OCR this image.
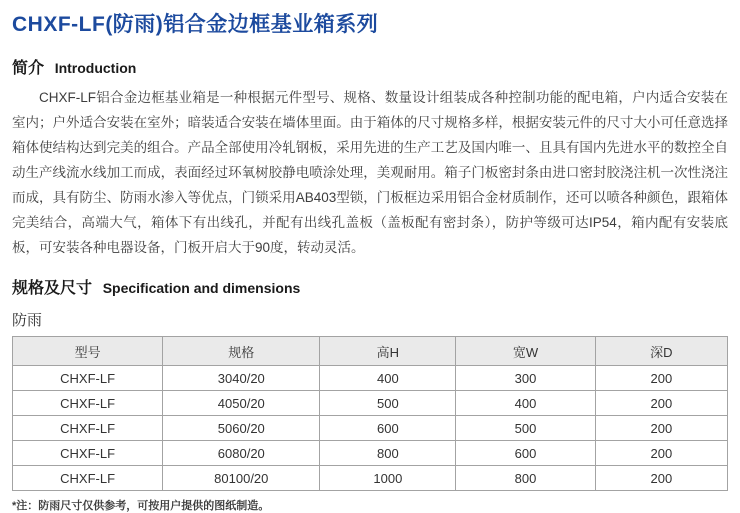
CHXF-LF(防雨)铝合金边框基业箱系列
简介 Introduction

CHXF-LF铝合金边框基业箱是一种根据元件型号、规格、数量设计组装成各种控制功能的配电箱，户内适合安装在室内；户外适合安装在室外；暗装适合安装在墙体里面。由于箱体的尺寸规格多样，根据安装元件的尺寸大小可任意选择箱体使结构达到完美的组合。产品全部使用冷轧钢板，采用先进的生产工艺及国内唯一、且具有国内先进水平的数控全自动生产线流水线加工而成，表面经过环氧树胶静电喷涂处理，美观耐用。箱子门板密封条由进口密封胶浇注机一次性浇注而成，具有防尘、防雨水渗入等优点，门锁采用AB403型锁，门板框边采用铝合金材质制作，还可以喷各种颜色，跟箱体完美结合，高端大气，箱体下有出线孔，并配有出线孔盖板（盖板配有密封条），防护等级可达IP54，箱内配有安装底板，可安装各种电器设备，门板开启大于90度，转动灵活。

规格及尺寸 Specification and dimensions
防雨
型号	规格	高H	宽W	深D
CHXF-LF	3040/20	400	300	200
CHXF-LF	4050/20	500	400	200
CHXF-LF	5060/20	600	500	200
CHXF-LF	6080/20	800	600	200
CHXF-LF	80100/20	1000	800	200

*注：防雨尺寸仅供参考，可按用户提供的图纸制造。
